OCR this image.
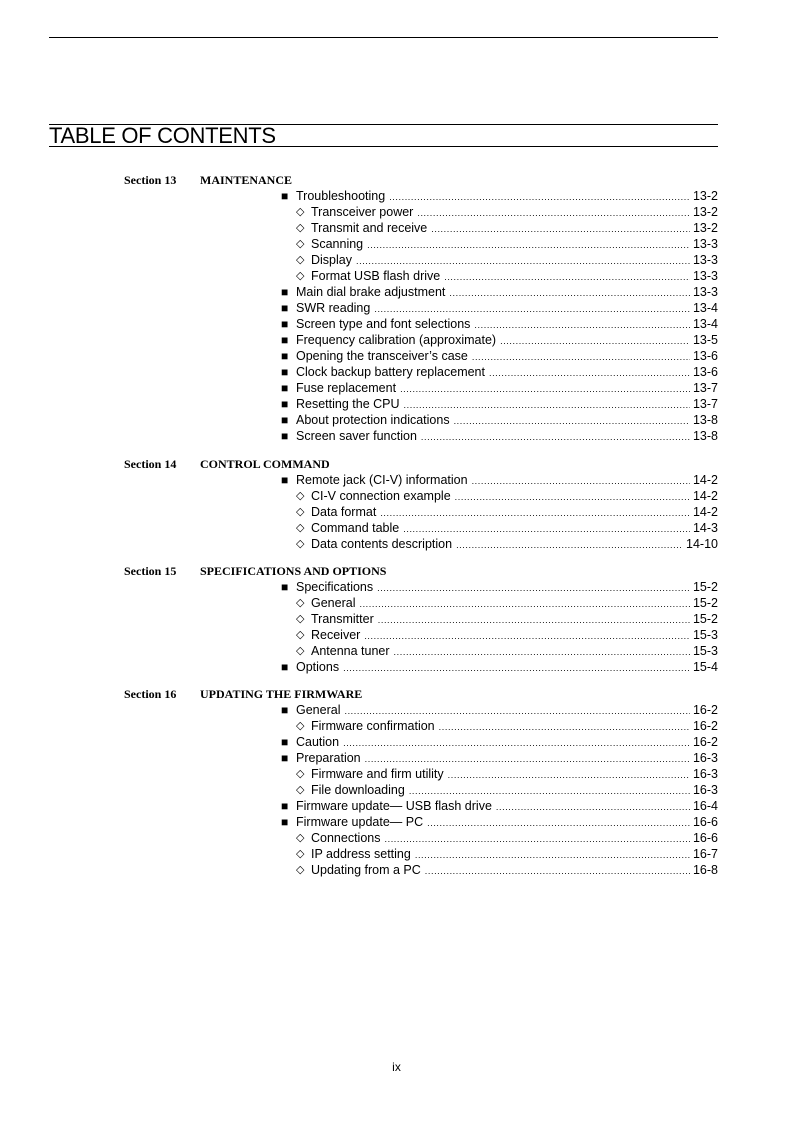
TABLE OF CONTENTS
Section 13 MAINTENANCE
■ Troubleshooting .....	13-2
◇ Transceiver power .....	13-2
◇ Transmit and receive .....	13-2
◇ Scanning .....	13-3
◇ Display .....	13-3
◇ Format USB flash drive .....	13-3
■ Main dial brake adjustment .....	13-3
■ SWR reading .....	13-4
■ Screen type and font selections .....	13-4
■ Frequency calibration (approximate) .....	13-5
■ Opening the transceiver’s case .....	13-6
■ Clock backup battery replacement .....	13-6
■ Fuse replacement .....	13-7
■ Resetting the CPU .....	13-7
■ About protection indications .....	13-8
■ Screen saver function .....	13-8
Section 14 CONTROL COMMAND
■ Remote jack (CI-V) information .....	14-2
◇ CI-V connection example .....	14-2
◇ Data format .....	14-2
◇ Command table .....	14-3
◇ Data contents description .....	14-10
Section 15 SPECIFICATIONS AND OPTIONS
■ Specifications .....	15-2
◇ General .....	15-2
◇ Transmitter .....	15-2
◇ Receiver .....	15-3
◇ Antenna tuner .....	15-3
■ Options .....	15-4
Section 16 UPDATING THE FIRMWARE
■ General .....	16-2
◇ Firmware confirmation .....	16-2
■ Caution .....	16-2
■ Preparation .....	16-3
◇ Firmware and firm utility .....	16-3
◇ File downloading .....	16-3
■ Firmware update— USB flash drive .....	16-4
■ Firmware update— PC .....	16-6
◇ Connections .....	16-6
◇ IP address setting .....	16-7
◇ Updating from a PC .....	16-8
ix
